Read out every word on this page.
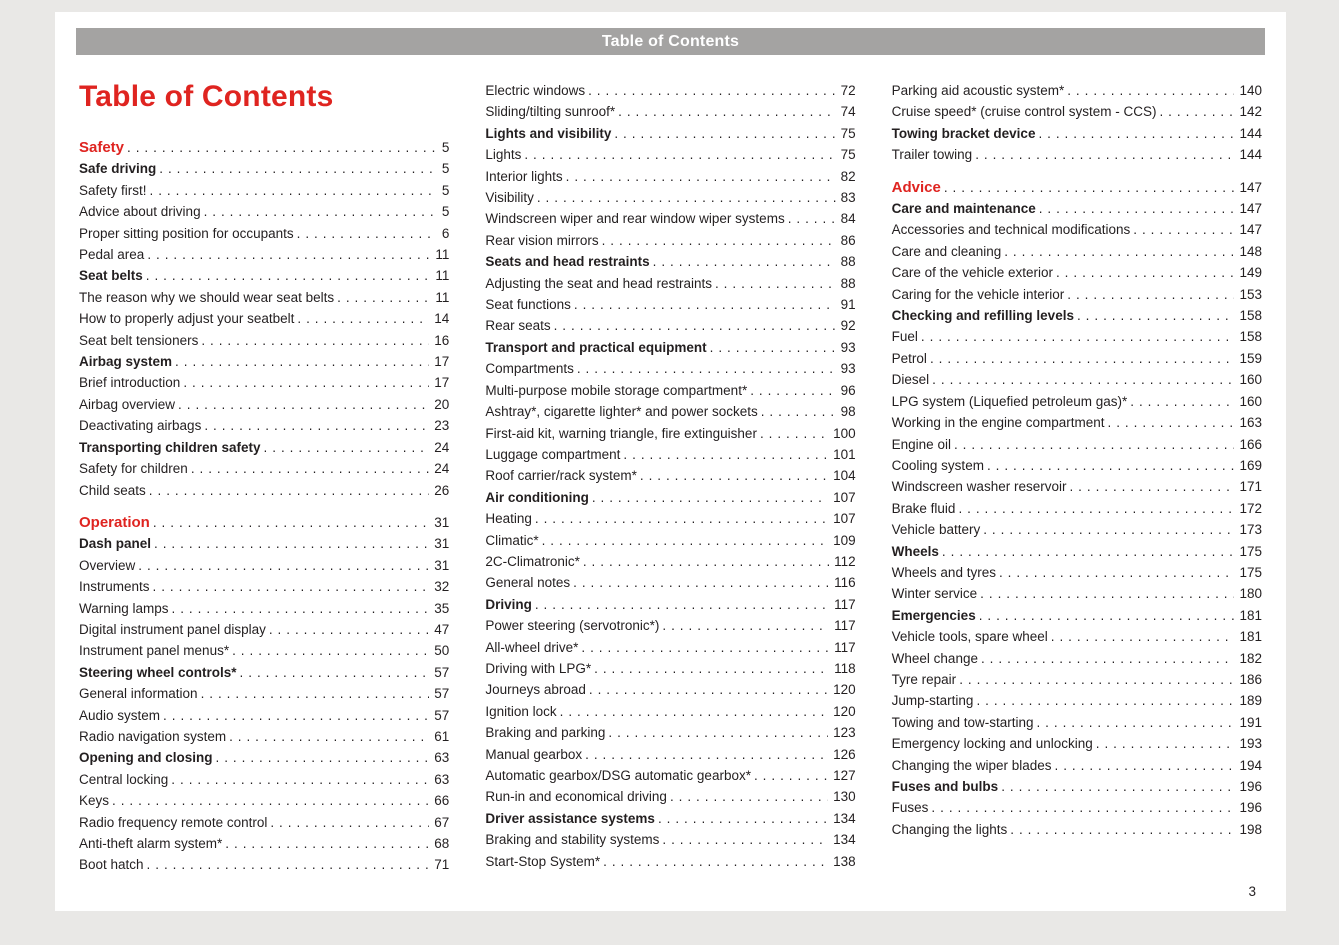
Table of Contents
Table of Contents
Safety . . .	5
Safe driving . . .	5
Safety first! . . .	5
Advice about driving . . .	5
Proper sitting position for occupants . . .	6
Pedal area . . .	11
Seat belts . . .	11
The reason why we should wear seat belts . . .	11
How to properly adjust your seatbelt . . .	14
Seat belt tensioners . . .	16
Airbag system . . .	17
Brief introduction . . .	17
Airbag overview . . .	20
Deactivating airbags . . .	23
Transporting children safety . . .	24
Safety for children . . .	24
Child seats . . .	26
Operation . . .	31
Dash panel . . .	31
Overview . . .	31
Instruments . . .	32
Warning lamps . . .	35
Digital instrument panel display . . .	47
Instrument panel menus* . . .	50
Steering wheel controls* . . .	57
General information . . .	57
Audio system . . .	57
Radio navigation system . . .	61
Opening and closing . . .	63
Central locking . . .	63
Keys . . .	66
Radio frequency remote control . . .	67
Anti-theft alarm system* . . .	68
Boot hatch . . .	71
Electric windows . . .	72
Sliding/tilting sunroof* . . .	74
Lights and visibility . . .	75
Lights . . .	75
Interior lights . . .	82
Visibility . . .	83
Windscreen wiper and rear window wiper systems . . .	84
Rear vision mirrors . . .	86
Seats and head restraints . . .	88
Adjusting the seat and head restraints . . .	88
Seat functions . . .	91
Rear seats . . .	92
Transport and practical equipment . . .	93
Compartments . . .	93
Multi-purpose mobile storage compartment* . . .	96
Ashtray*, cigarette lighter* and power sockets . . .	98
First-aid kit, warning triangle, fire extinguisher . . .	100
Luggage compartment . . .	101
Roof carrier/rack system* . . .	104
Air conditioning . . .	107
Heating . . .	107
Climatic* . . .	109
2C-Climatronic* . . .	112
General notes . . .	116
Driving . . .	117
Power steering (servotronic*) . . .	117
All-wheel drive* . . .	117
Driving with LPG* . . .	118
Journeys abroad . . .	120
Ignition lock . . .	120
Braking and parking . . .	123
Manual gearbox . . .	126
Automatic gearbox/DSG automatic gearbox* . . .	127
Run-in and economical driving . . .	130
Driver assistance systems . . .	134
Braking and stability systems . . .	134
Start-Stop System* . . .	138
Parking aid acoustic system* . . .	140
Cruise speed* (cruise control system - CCS) . . .	142
Towing bracket device . . .	144
Trailer towing . . .	144
Advice . . .	147
Care and maintenance . . .	147
Accessories and technical modifications . . .	147
Care and cleaning . . .	148
Care of the vehicle exterior . . .	149
Caring for the vehicle interior . . .	153
Checking and refilling levels . . .	158
Fuel . . .	158
Petrol . . .	159
Diesel . . .	160
LPG system (Liquefied petroleum gas)* . . .	160
Working in the engine compartment . . .	163
Engine oil . . .	166
Cooling system . . .	169
Windscreen washer reservoir . . .	171
Brake fluid . . .	172
Vehicle battery . . .	173
Wheels . . .	175
Wheels and tyres . . .	175
Winter service . . .	180
Emergencies . . .	181
Vehicle tools, spare wheel . . .	181
Wheel change . . .	182
Tyre repair . . .	186
Jump-starting . . .	189
Towing and tow-starting . . .	191
Emergency locking and unlocking . . .	193
Changing the wiper blades . . .	194
Fuses and bulbs . . .	196
Fuses . . .	196
Changing the lights . . .	198
3
